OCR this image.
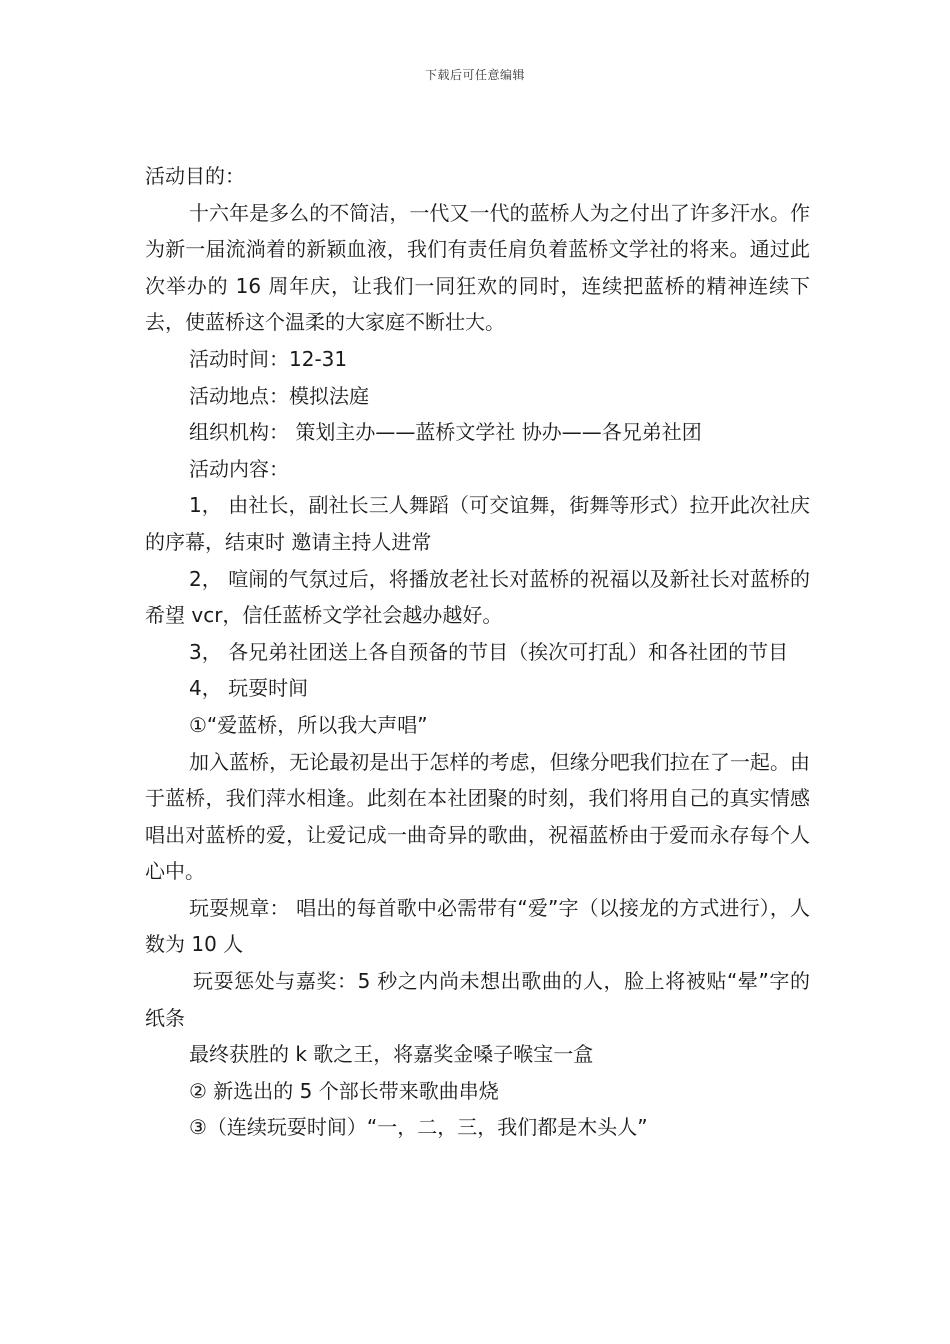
下载后可任意编辑

活动目的：

十六年是多么的不简洁，一代又一代的蓝桥人为之付出了许多汗水。作为新一届流淌着的新颖血液，我们有责任肩负着蓝桥文学社的将来。通过此次举办的 16 周年庆，让我们一同狂欢的同时，连续把蓝桥的精神连续下去，使蓝桥这个温柔的大家庭不断壮大。

活动时间：12-31

活动地点：模拟法庭

组织机构： 策划主办——蓝桥文学社 协办——各兄弟社团

活动内容：

1， 由社长，副社长三人舞蹈（可交谊舞，街舞等形式）拉开此次社庆的序幕，结束时 邀请主持人进常

2， 喧闹的气氛过后，将播放老社长对蓝桥的祝福以及新社长对蓝桥的希望 vcr，信任蓝桥文学社会越办越好。

3， 各兄弟社团送上各自预备的节目（挨次可打乱）和各社团的节目

4， 玩耍时间

①“爱蓝桥，所以我大声唱”

加入蓝桥，无论最初是出于怎样的考虑，但缘分吧我们拉在了一起。由于蓝桥，我们萍水相逢。此刻在本社团聚的时刻，我们将用自己的真实情感唱出对蓝桥的爱，让爱记成一曲奇异的歌曲，祝福蓝桥由于爱而永存每个人心中。

玩耍规章： 唱出的每首歌中必需带有“爱”字（以接龙的方式进行），人数为 10 人

玩耍惩处与嘉奖：5 秒之内尚未想出歌曲的人，脸上将被贴“晕”字的纸条

最终获胜的 k 歌之王，将嘉奖金嗓子喉宝一盒

② 新选出的 5 个部长带来歌曲串烧

③（连续玩耍时间）“一，二，三，我们都是木头人”
